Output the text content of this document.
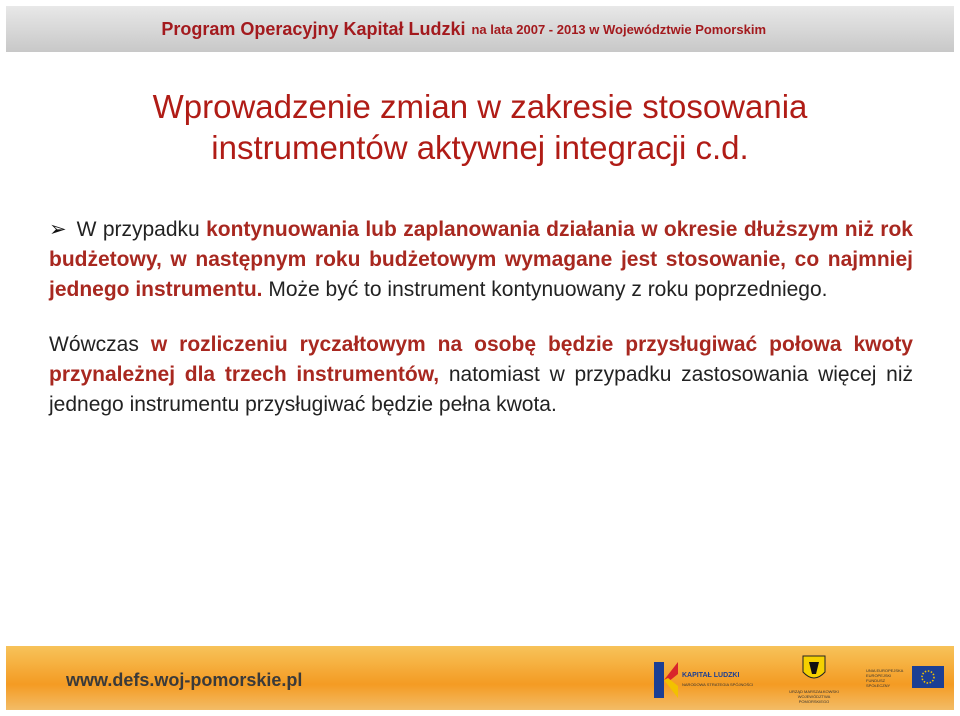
Program Operacyjny Kapitał Ludzki na lata 2007 - 2013 w Województwie Pomorskim
Wprowadzenie zmian w zakresie stosowania
instrumentów aktywnej integracji c.d.

➢ W przypadku kontynuowania lub zaplanowania działania w okresie dłuższym niż rok budżetowy, w następnym roku budżetowym wymagane jest stosowanie, co najmniej jednego instrumentu. Może być to instrument kontynuowany z roku poprzedniego.

Wówczas w rozliczeniu ryczałtowym na osobę będzie przysługiwać połowa kwoty przynależnej dla trzech instrumentów, natomiast w przypadku zastosowania więcej niż jednego instrumentu przysługiwać będzie pełna kwota.

www.defs.woj-pomorskie.pl	KAPITAŁ LUDZKI
NARODOWA STRATEGIA SPÓJNOŚCI
URZĄD MARSZAŁKOWSKI WOJEWÓDZTWA POMORSKIEGO
UNIA EUROPEJSKA EUROPEJSKI FUNDUSZ SPOŁECZNY
